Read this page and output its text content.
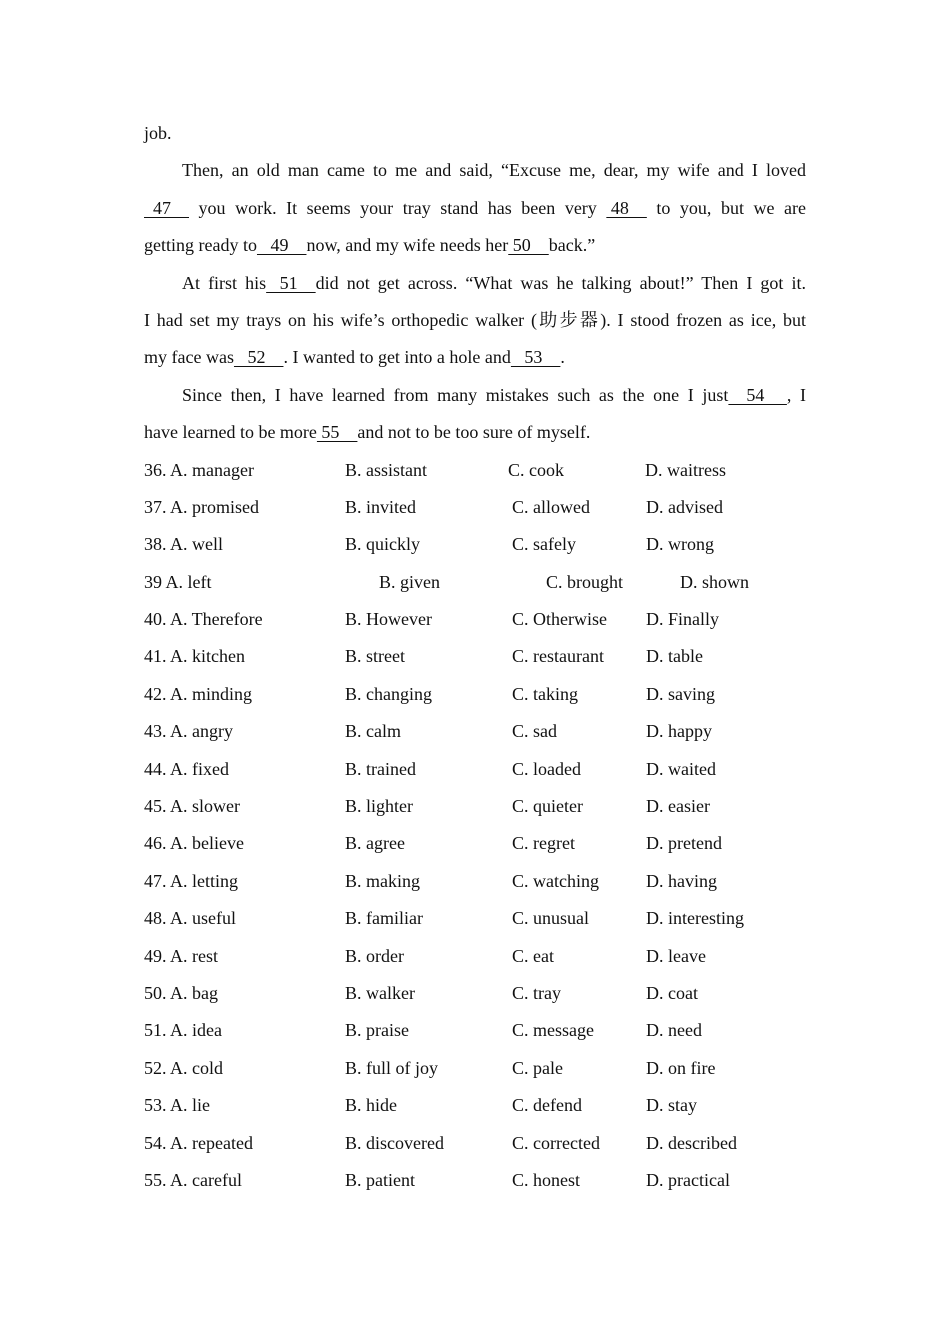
job.
Then, an old man came to me and said, “Excuse me, dear, my wife and I loved
47     you work. It seems your tray stand has been very  48     to you, but we are
getting ready to   49    now, and my wife needs her 50    back.”
At first his   51    did not get across. “What was he talking about!” Then I got it.
I had set my trays on his wife’s orthopedic walker (助步器). I stood frozen as ice, but
my face was   52    . I wanted to get into a hole and   53    .
Since then, I have learned from many mistakes such as the one I just    54     , I
have learned to be more 55    and not to be too sure of myself.
36. A. manager	B. assistant	C. cook	D. waitress
37. A. promised	B. invited	C. allowed	D. advised
38. A. well	B. quickly	C. safely	D. wrong
39 A. left	B. given	C. brought	D. shown
40. A. Therefore	B. However	C. Otherwise D. Finally
41. A. kitchen	B. street	C. restaurant D. table
42. A. minding	B. changing	C. taking	D. saving
43. A. angry	B. calm	C. sad	D. happy
44. A. fixed	B. trained	C. loaded	D. waited
45. A. slower	B. lighter	C. quieter	D. easier
46. A. believe	B. agree	C. regret	D. pretend
47. A. letting	B. making	C. watching	D. having
48. A. useful	B. familiar	C. unusual	D. interesting
49. A. rest	B. order	C. eat	D. leave
50. A. bag	B. walker	C. tray	D. coat
51. A. idea	B. praise	C. message	D. need
52. A. cold	B. full of joy	C. pale	D. on fire
53. A. lie	B. hide	C. defend	D. stay
54. A. repeated	B. discovered	C. corrected	D. described
55. A. careful	B. patient	C. honest	D. practical
